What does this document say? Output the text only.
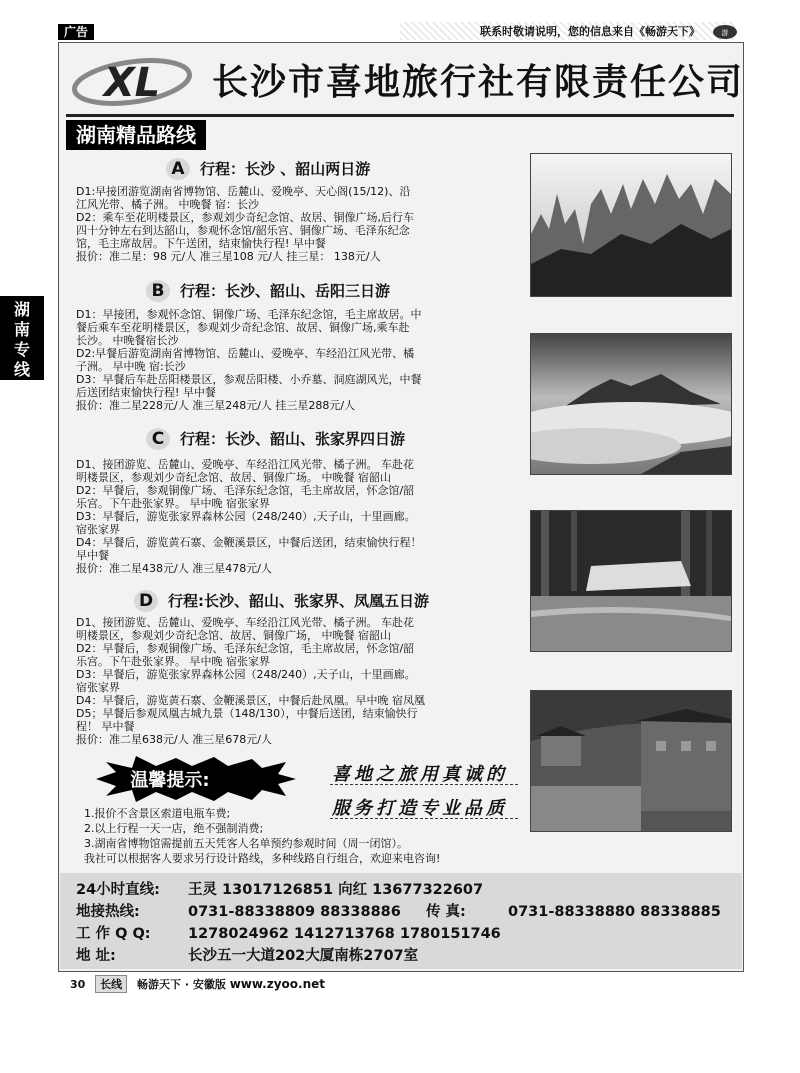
广告	联系时敬请说明，您的信息来自《畅游天下》	游
XL 长沙市喜地旅行社有限责任公司
湖南精品路线
湖
南
专
线
A 行程：长沙 、韶山两日游
D1:早接团游览湖南省博物馆、岳麓山、爱晚亭、天心阁(15/12)、沿
江风光带、橘子洲。 中晚餐 宿：长沙
D2：乘车至花明楼景区，参观刘少奇纪念馆、故居、铜像广场,后行车
四十分钟左右到达韶山，参观怀念馆/韶乐宫、铜像广场、毛泽东纪念
馆，毛主席故居。下午送团，结束愉快行程! 早中餐
报价：准二星：98 元/人 准三星108 元/人 挂三星： 138元/人
B 行程：长沙、韶山、岳阳三日游
D1：早接团，参观怀念馆、铜像广场、毛泽东纪念馆，毛主席故居。中
餐后乘车至花明楼景区，参观刘少奇纪念馆、故居、铜像广场,乘车赴
长沙。 中晚餐宿长沙
D2:早餐后游览湖南省博物馆、岳麓山、爱晚亭、车经沿江风光带、橘
子洲。 早中晚 宿:长沙
D3：早餐后车赴岳阳楼景区，参观岳阳楼、小乔墓、洞庭湖风光，中餐
后送团结束愉快行程! 早中餐
报价：准二星228元/人 准三星248元/人 挂三星288元/人
C 行程：长沙、韶山、张家界四日游
D1、接团游览、岳麓山、爱晚亭、车经沿江风光带、橘子洲。 车赴花
明楼景区，参观刘少奇纪念馆、故居、铜像广场。 中晚餐 宿韶山
D2：早餐后，参观铜像广场、毛泽东纪念馆，毛主席故居，怀念馆/韶
乐宫。下午赴张家界。 早中晚 宿张家界
D3：早餐后，游览张家界森林公园（248/240）,天子山，十里画廊。
宿张家界
D4：早餐后，游览黄石寨、金鞭溪景区，中餐后送团，结束愉快行程！
早中餐
报价：准二星438元/人 准三星478元/人
D 行程:长沙、韶山、张家界、凤凰五日游
D1、接团游览、岳麓山、爱晚亭、车经沿江风光带、橘子洲。 车赴花
明楼景区，参观刘少奇纪念馆、故居、铜像广场， 中晚餐 宿韶山
D2：早餐后，参观铜像广场、毛泽东纪念馆，毛主席故居，怀念馆/韶
乐宫。下午赴张家界。 早中晚 宿张家界
D3：早餐后，游览张家界森林公园（248/240）,天子山，十里画廊。
宿张家界
D4：早餐后，游览黄石寨、金鞭溪景区，中餐后赴凤凰。早中晚 宿凤凰
D5；早餐后参观凤凰古城九景（148/130），中餐后送团，结束愉快行
程！ 早中餐
报价：准二星638元/人 准三星678元/人
温馨提示:	喜地之旅用真诚的
服务打造专业品质
1.报价不含景区索道电瓶车费;
2.以上行程一天一店，绝不强制消费;
3.湖南省博物馆需提前五天凭客人名单预约参观时间（周一闭馆）。
我社可以根据客人要求另行设计路线，多种线路自行组合，欢迎来电咨询!
24小时直线: 王灵 13017126851 向红 13677322607
地接热线:	0731-88338809 88338886 传 真:	0731-88338880 88338885
工 作 Q Q:	1278024962 1412713768 1780151746
地 址:	长沙五一大道202大厦南栋2707室
30 长线 畅游天下 · 安徽版 www.zyoo.net
